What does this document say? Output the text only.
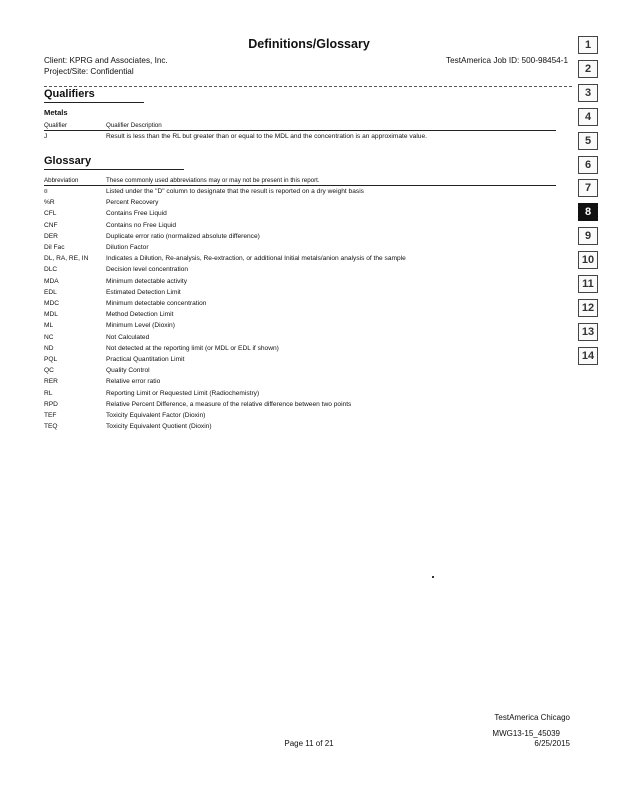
Definitions/Glossary
Client: KPRG and Associates, Inc.
Project/Site: Confidential
TestAmerica Job ID: 500-98454-1
Qualifiers
Metals
Qualifier	Qualifier Description
J	Result is less than the RL but greater than or equal to the MDL and the concentration is an approximate value.
Glossary
Abbreviation	These commonly used abbreviations may or may not be present in this report.
¤	Listed under the "D" column to designate that the result is reported on a dry weight basis
%R	Percent Recovery
CFL	Contains Free Liquid
CNF	Contains no Free Liquid
DER	Duplicate error ratio (normalized absolute difference)
Dil Fac	Dilution Factor
DL, RA, RE, IN	Indicates a Dilution, Re-analysis, Re-extraction, or additional Initial metals/anion analysis of the sample
DLC	Decision level concentration
MDA	Minimum detectable activity
EDL	Estimated Detection Limit
MDC	Minimum detectable concentration
MDL	Method Detection Limit
ML	Minimum Level (Dioxin)
NC	Not Calculated
ND	Not detected at the reporting limit (or MDL or EDL if shown)
PQL	Practical Quantitation Limit
QC	Quality Control
RER	Relative error ratio
RL	Reporting Limit or Requested Limit (Radiochemistry)
RPD	Relative Percent Difference, a measure of the relative difference between two points
TEF	Toxicity Equivalent Factor (Dioxin)
TEQ	Toxicity Equivalent Quotient (Dioxin)
1
2
3
4
5
6
7
8
9
10
11
12
13
14
TestAmerica Chicago
MWG13-15_45039
6/25/2015
Page 11 of 21
